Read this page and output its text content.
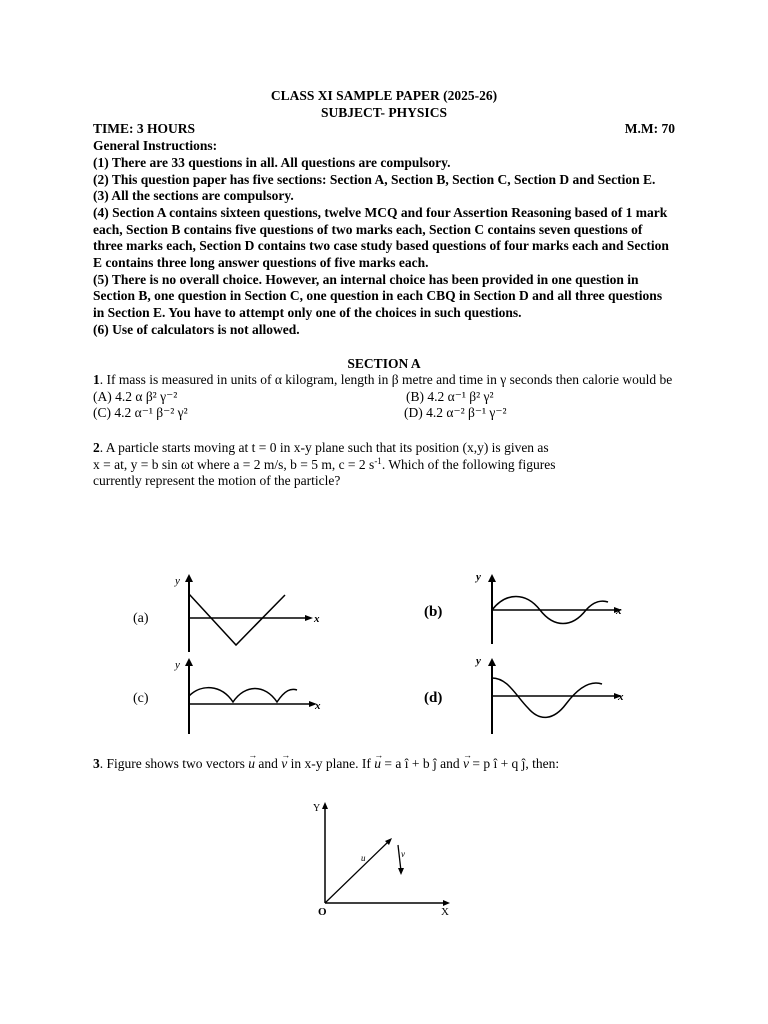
CLASS XI SAMPLE PAPER (2025-26)
SUBJECT- PHYSICS
TIME: 3 HOURS	M.M: 70
General Instructions:
(1) There are 33 questions in all. All questions are compulsory.
(2) This question paper has five sections: Section A, Section B, Section C, Section D and Section E.
(3) All the sections are compulsory.
(4) Section A contains sixteen questions, twelve MCQ and four Assertion Reasoning based of 1 mark each, Section B contains five questions of two marks each, Section C contains seven questions of three marks each, Section D contains two case study based questions of four marks each and Section E contains three long answer questions of five marks each.
(5) There is no overall choice. However, an internal choice has been provided in one question in Section B, one question in Section C, one question in each CBQ in Section D and all three questions in Section E. You have to attempt only one of the choices in such questions.
(6) Use of calculators is not allowed.
SECTION A
1. If mass is measured in units of α kilogram, length in β metre and time in γ seconds then calorie would be
(A) 4.2 α β² γ⁻²	(B) 4.2 α⁻¹ β² γ²
(C) 4.2 α⁻¹ β⁻² γ²	(D) 4.2 α⁻² β⁻¹ γ⁻²
2. A particle starts moving at t = 0 in x-y plane such that its position (x,y) is given as
x = at, y = b sin ωt where a = 2 m/s, b = 5 m, c = 2 $s^{-1}$. Which of the following figures
currently represent the motion of the particle?
y
x
(a)
y
x
(b)
y
x
(c)
y
x
(d)
3. Figure shows two vectors → u and → v in x-y plane. If → u = a î + b ĵ and → v = p î + q ĵ, then:
Y
X
O
u	v
